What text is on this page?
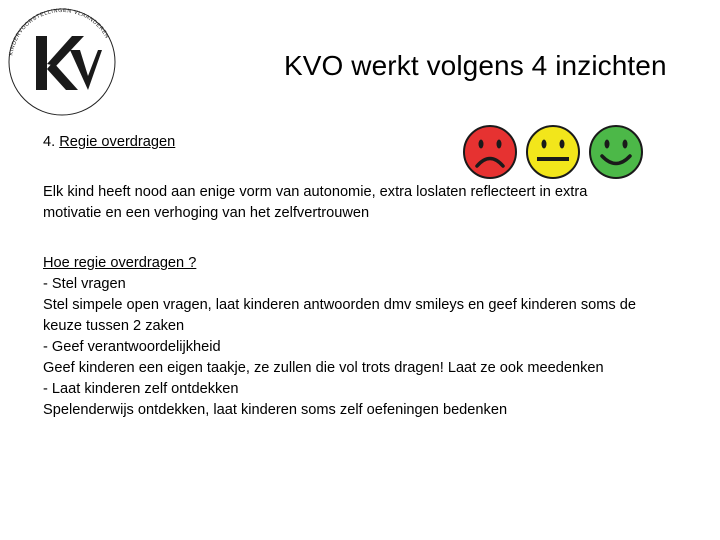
KINDERVOORSTELLINGEN VLAANDEREN
KVO werkt volgens 4 inzichten
4. Regie overdragen
Elk kind heeft nood aan enige vorm van autonomie, extra loslaten reflecteert in extra
motivatie en een verhoging van het zelfvertrouwen
Hoe regie overdragen ?
- Stel vragen
Stel simpele open vragen, laat kinderen antwoorden dmv smileys en geef kinderen soms de
keuze tussen 2 zaken
- Geef verantwoordelijkheid
Geef kinderen een eigen taakje, ze zullen die vol trots dragen! Laat ze ook meedenken
- Laat kinderen zelf ontdekken
Spelenderwijs ontdekken, laat kinderen soms zelf oefeningen bedenken
